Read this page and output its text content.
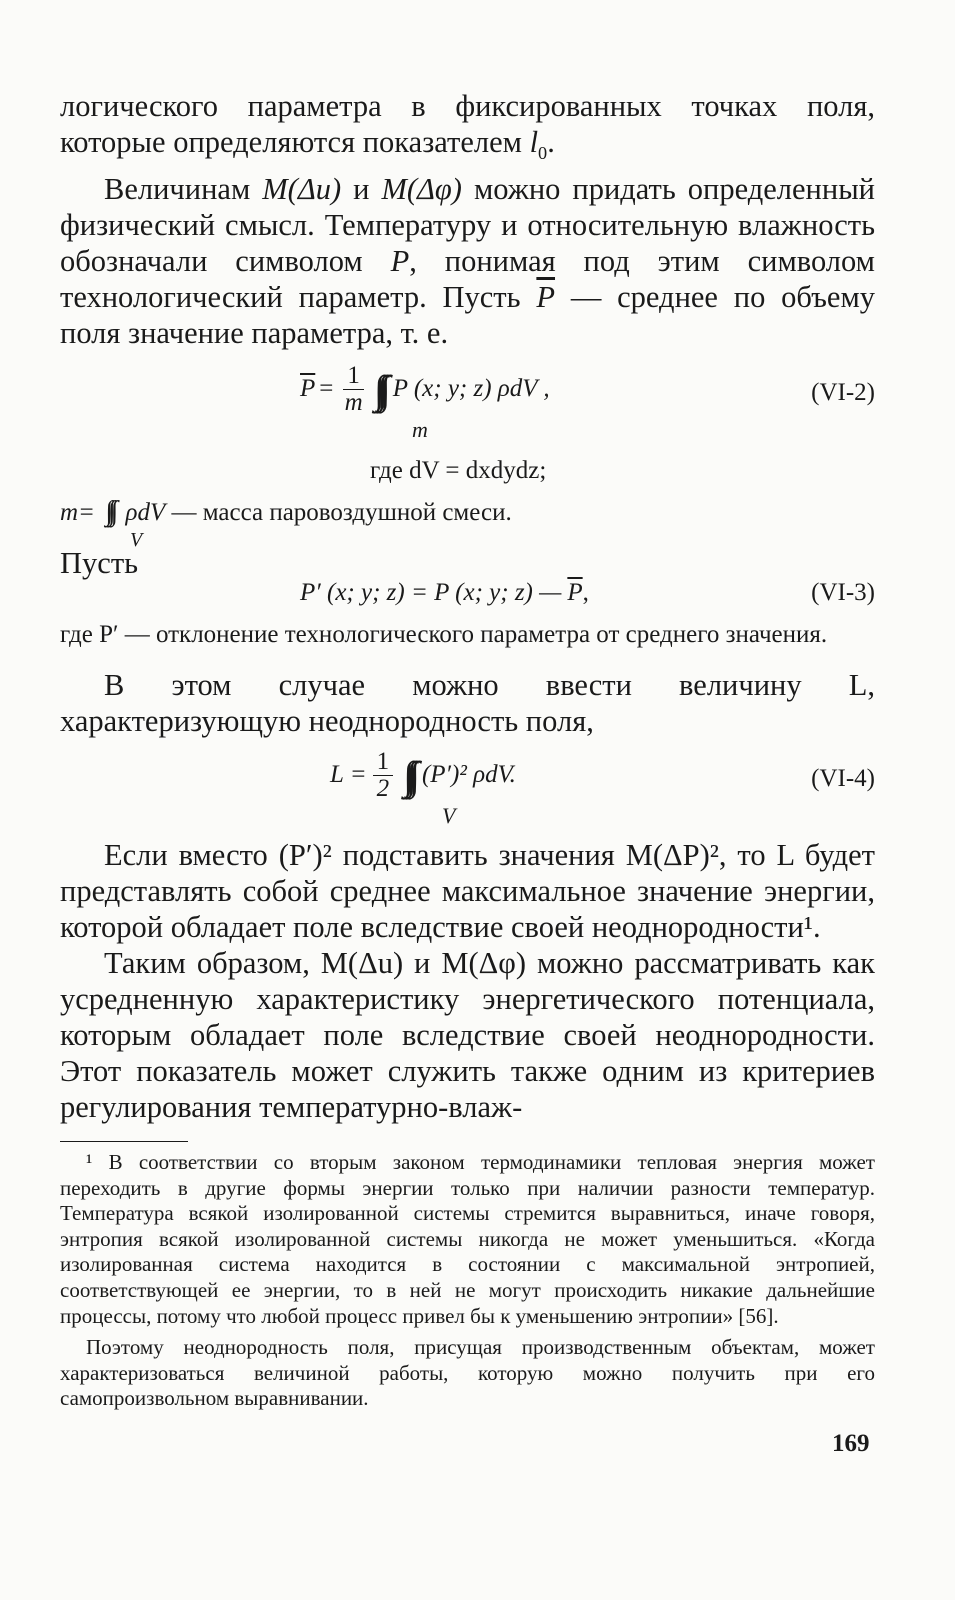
логического параметра в фиксированных точках поля, которые определяются показателем $l_0$.

Величинам M(Δu) и M(Δφ) можно придать определенный физический смысл. Температуру и относительную влажность обозначали символом P, понимая под этим символом технологический параметр. Пусть $\overline{P}$ — среднее по объему поля значение параметра, т. е.

$\overline{P} = \frac{1}{m}$ ∫∫∫ P (x; y; z) ρdV ,
m
(VI-2)
где dV = dxdydz;
m= ∫∫∫ ρdV — масса паровоздушной смеси.
V

Пусть

P′ (x; y; z) = P (x; y; z) — $\overline{P}$ ,	(VI-3)

где P′ — отклонение технологического параметра от среднего значения.

В этом случае можно ввести величину L, характеризующую неоднородность поля,

$L = \frac{1}{2}$ ∫∫∫ (P′)² ρdV.
V
(VI-4)

Если вместо (P′)² подставить значения M(ΔP)², то L будет представлять собой среднее максимальное значение энергии, которой обладает поле вследствие своей неоднородности¹.

Таким образом, M(Δu) и M(Δφ) можно рассматривать как усредненную характеристику энергетического потенциала, которым обладает поле вследствие своей неоднородности. Этот показатель может служить также одним из критериев регулирования температурно-влаж-

¹ В соответствии со вторым законом термодинамики тепловая энергия может переходить в другие формы энергии только при наличии разности температур. Температура всякой изолированной системы стремится выравниться, иначе говоря, энтропия всякой изолированной системы никогда не может уменьшиться. «Когда изолированная система находится в состоянии с максимальной энтропией, соответствующей ее энергии, то в ней не могут происходить никакие дальнейшие процессы, потому что любой процесс привел бы к уменьшению энтропии» [56].

Поэтому неоднородность поля, присущая производственным объектам, может характеризоваться величиной работы, которую можно получить при его самопроизвольном выравнивании.

169
